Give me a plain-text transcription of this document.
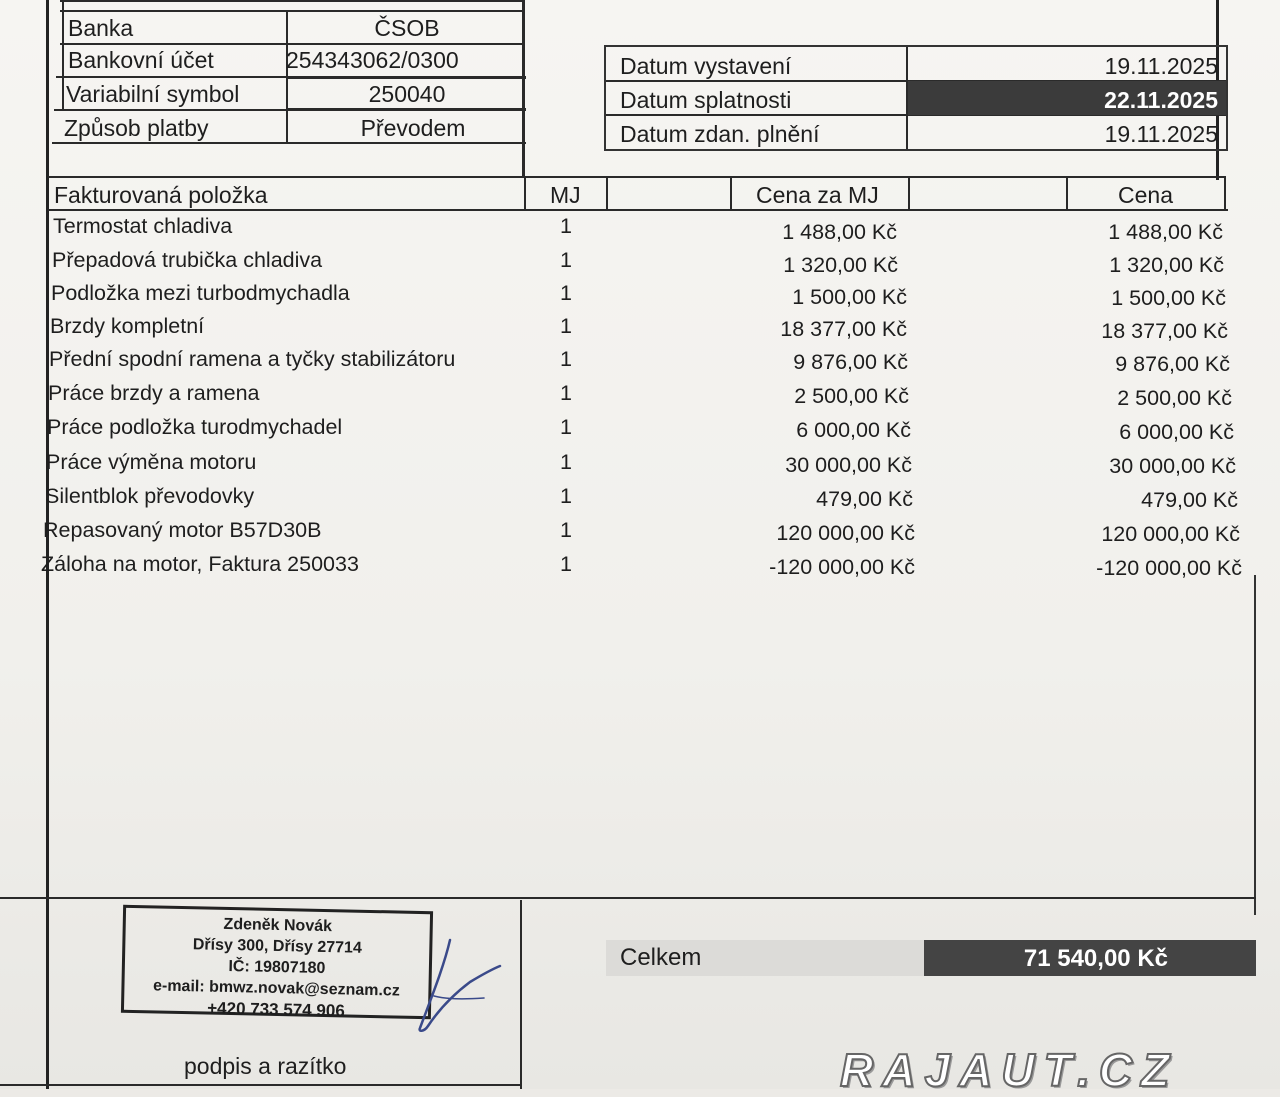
Banka	ČSOB
Bankovní účet	254343062/0300
Variabilní symbol	250040
Způsob platby	Převodem
Datum vystavení	19.11.2025
Datum splatnosti	22.11.2025
Datum zdan. plnění	19.11.2025
Fakturovaná položka	MJ	Cena za MJ	Cena
Termostat chladiva	1	1 488,00 Kč	1 488,00 Kč
Přepadová trubička chladiva	1	1 320,00 Kč	1 320,00 Kč
Podložka mezi turbodmychadla	1	1 500,00 Kč	1 500,00 Kč
Brzdy kompletní	1	18 377,00 Kč	18 377,00 Kč
Přední spodní ramena a tyčky stabilizátoru	1	9 876,00 Kč	9 876,00 Kč
Práce brzdy a ramena	1	2 500,00 Kč	2 500,00 Kč
Práce podložka turodmychadel	1	6 000,00 Kč	6 000,00 Kč
Práce výměna motoru	1	30 000,00 Kč	30 000,00 Kč
Silentblok převodovky	1	479,00 Kč	479,00 Kč
Repasovaný motor B57D30B	1	120 000,00 Kč	120 000,00 Kč
Záloha na motor, Faktura 250033	1	-120 000,00 Kč	-120 000,00 Kč
Zdeněk Novák
Dřísy 300, Dřísy 27714
IČ: 19807180
e-mail: bmwz.novak@seznam.cz
+420 733 574 906
podpis a razítko
Celkem	71 540,00 Kč
RAJAUT.CZ
